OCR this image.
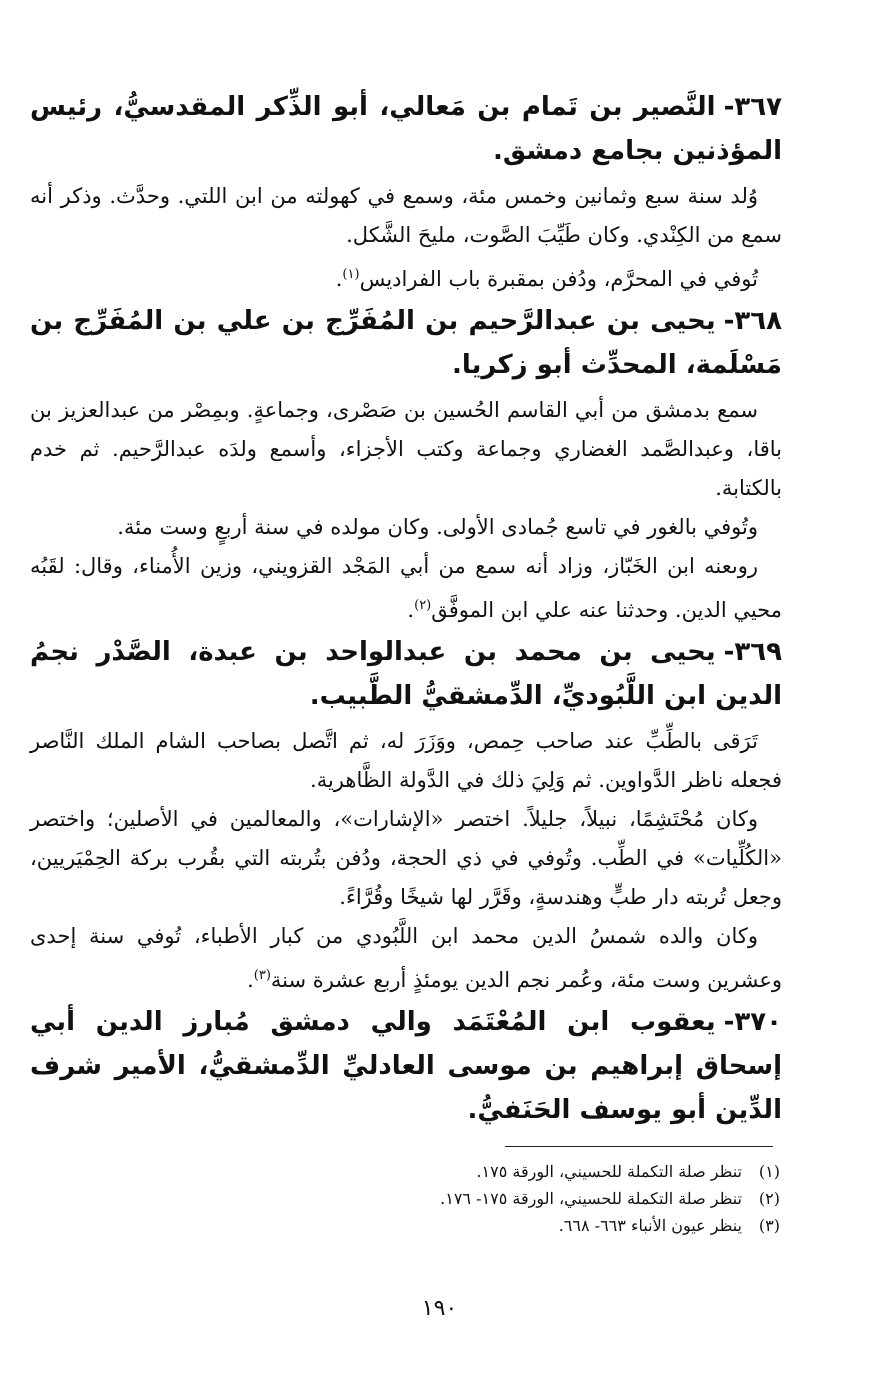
٣٦٧-النَّصير بن تَمام بن مَعالي، أبو الذِّكر المقدسيُّ، رئيس المؤذنين بجامع دمشق.

وُلد سنة سبع وثمانين وخمس مئة، وسمع في كهولته من ابن اللتي. وحدَّث. وذكر أنه سمع من الكِنْدي. وكان طَيِّبَ الصَّوت، مليحَ الشَّكل.

تُوفي في المحرَّم، ودُفن بمقبرة باب الفراديس$^{(١)}$.

٣٦٨-يحيى بن عبدالرَّحيم بن المُفَرِّج بن علي بن المُفَرِّج بن مَسْلَمة، المحدِّث أبو زكريا.

سمع بدمشق من أبي القاسم الحُسين بن صَصْرى، وجماعةٍ. وبمِصْر من عبدالعزيز بن باقا، وعبدالصَّمد الغضاري وجماعة وكتب الأجزاء، وأسمع ولدَه عبدالرَّحيم. ثم خدم بالكتابة.

وتُوفي بالغور في تاسع جُمادى الأولى. وكان مولده في سنة أربعٍ وست مئة.

روىعنه ابن الخَبّاز، وزاد أنه سمع من أبي المَجْد القزويني، وزين الأُمناء، وقال: لقَبُه محيي الدين. وحدثنا عنه علي ابن الموفَّق$^{(٢)}$.

٣٦٩-يحيى بن محمد بن عبدالواحد بن عبدة، الصَّدْر نجمُ الدين ابن اللَّبُوديِّ، الدِّمشقيُّ الطَّبيب.

تَرَقى بالطِّبِّ عند صاحب حِمص، ووَزَرَ له، ثم اتَّصل بصاحب الشام الملك النَّاصر فجعله ناظر الدَّواوين. ثم وَلِيَ ذلك في الدَّولة الظَّاهرية.

وكان مُحْتَشِمًا، نبيلاً، جليلاً. اختصر «الإشارات»، والمعالمين في الأصلين؛ واختصر «الكُلِّيات» في الطِّب. وتُوفي في ذي الحجة، ودُفن بتُربته التي بقُرب بركة الحِمْيَريين، وجعل تُربته دار طبٍّ وهندسةٍ، وقَرَّر لها شيخًا وقُرَّاءً.

وكان والده شمسُ الدين محمد ابن اللَّبُودي من كبار الأطباء، تُوفي سنة إحدى وعشرين وست مئة، وعُمر نجم الدين يومئذٍ أربع عشرة سنة$^{(٣)}$.

٣٧٠-يعقوب ابن المُعْتَمَد والي دمشق مُبارز الدين أبي إسحاق إبراهيم بن موسى العادليِّ الدِّمشقيُّ، الأمير شرف الدِّين أبو يوسف الحَنَفيُّ.

(١)
تنظر صلة التكملة للحسيني، الورقة ١٧٥.
(٢)
تنظر صلة التكملة للحسيني، الورقة ١٧٥- ١٧٦.
(٣)
ينظر عيون الأنباء ٦٦٣- ٦٦٨.
١٩٠
